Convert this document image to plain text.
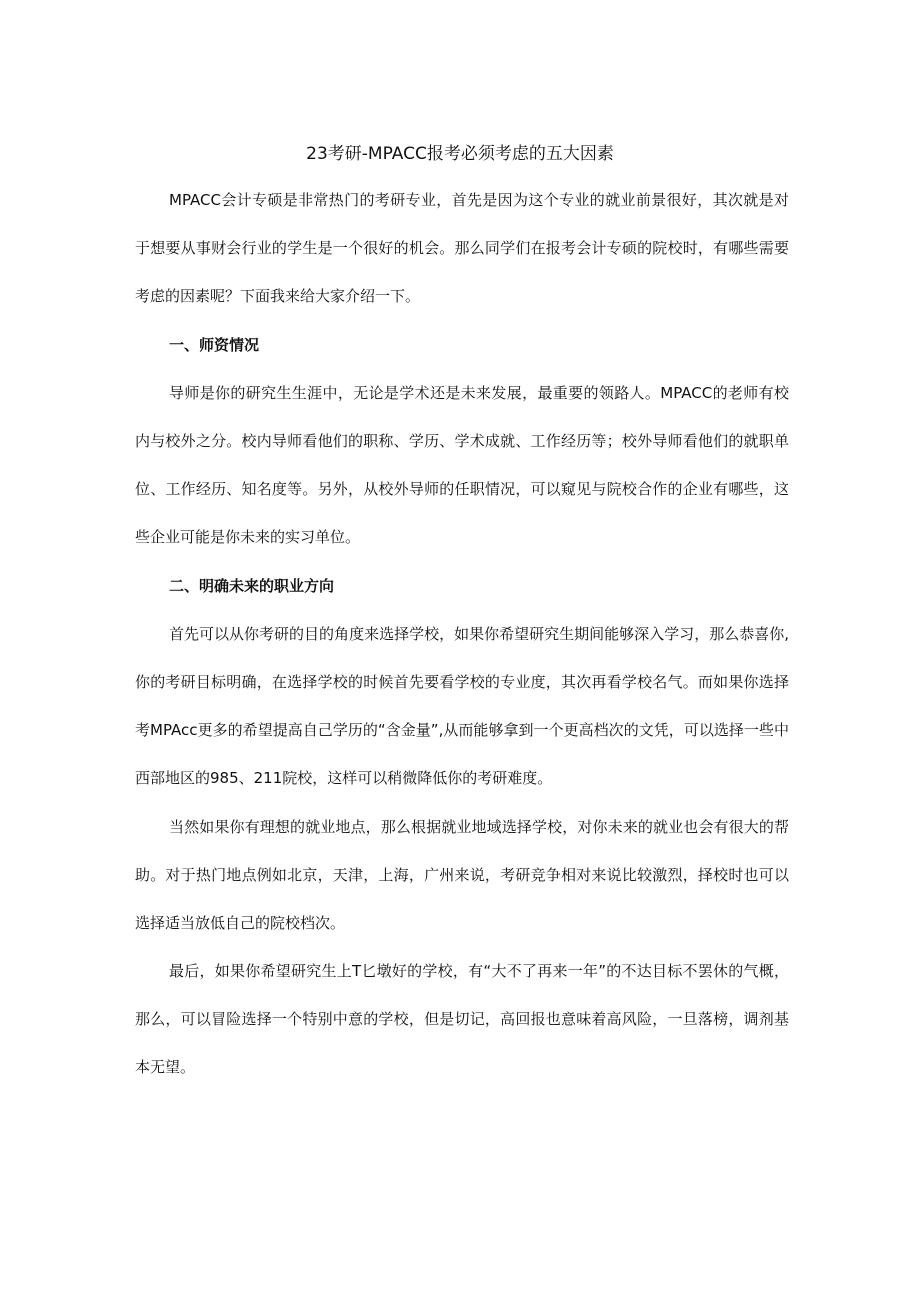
23考研-MPACC报考必须考虑的五大因素

MPACC会计专硕是非常热门的考研专业，首先是因为这个专业的就业前景很好，其次就是对于想要从事财会行业的学生是一个很好的机会。那么同学们在报考会计专硕的院校时，有哪些需要考虑的因素呢？下面我来给大家介绍一下。

一、师资情况

导师是你的研究生生涯中，无论是学术还是未来发展，最重要的领路人。MPACC的老师有校内与校外之分。校内导师看他们的职称、学历、学术成就、工作经历等；校外导师看他们的就职单位、工作经历、知名度等。另外，从校外导师的任职情况，可以窥见与院校合作的企业有哪些，这些企业可能是你未来的实习单位。

二、明确未来的职业方向

首先可以从你考研的目的角度来选择学校，如果你希望研究生期间能够深入学习，那么恭喜你,你的考研目标明确，在选择学校的时候首先要看学校的专业度，其次再看学校名气。而如果你选择考MPAcc更多的希望提高自己学历的“含金量”,从而能够拿到一个更高档次的文凭，可以选择一些中西部地区的985、211院校，这样可以稍微降低你的考研难度。

当然如果你有理想的就业地点，那么根据就业地域选择学校，对你未来的就业也会有很大的帮助。对于热门地点例如北京，天津，上海，广州来说，考研竞争相对来说比较激烈，择校时也可以选择适当放低自己的院校档次。

最后，如果你希望研究生上T匕墩好的学校，有“大不了再来一年”的不达目标不罢休的气概，那么，可以冒险选择一个特别中意的学校，但是切记，高回报也意味着高风险，一旦落榜，调剂基本无望。
